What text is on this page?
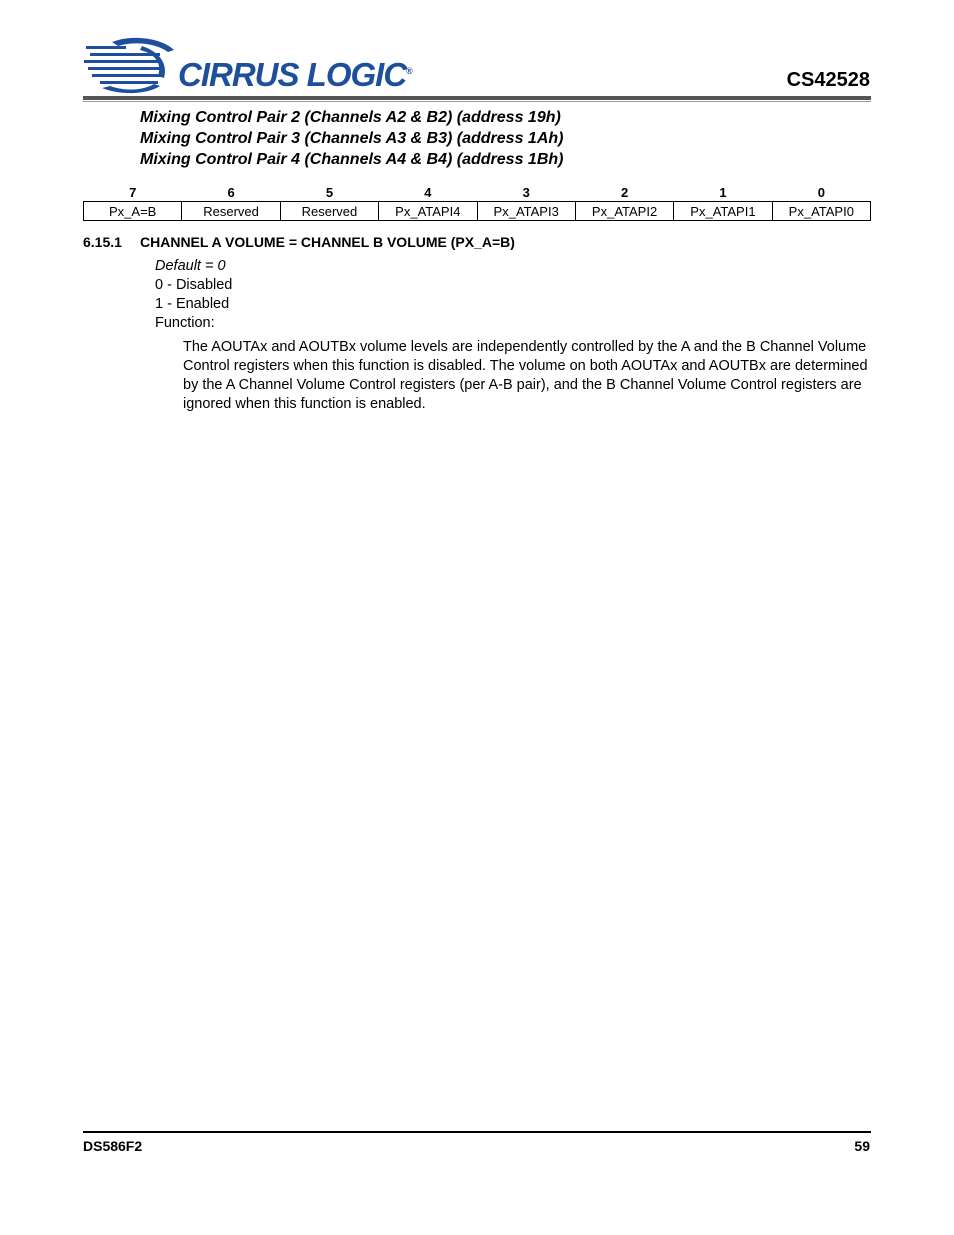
CIRRUS LOGIC®	CS42528
Mixing Control Pair 2 (Channels A2 & B2) (address 19h)
Mixing Control Pair 3 (Channels A3 & B3) (address 1Ah)
Mixing Control Pair 4 (Channels A4 & B4) (address 1Bh)
7	6	5	4	3	2	1	0
Px_A=B	Reserved	Reserved	Px_ATAPI4	Px_ATAPI3	Px_ATAPI2	Px_ATAPI1	Px_ATAPI0
6.15.1 CHANNEL A VOLUME = CHANNEL B VOLUME (PX_A=B)
Default = 0
0 - Disabled
1 - Enabled
Function:
The AOUTAx and AOUTBx volume levels are independently controlled by the A and the B Channel Volume Control registers when this function is disabled. The volume on both AOUTAx and AOUTBx are determined by the A Channel Volume Control registers (per A-B pair), and the B Channel Volume Control registers are ignored when this function is enabled.
DS586F2	59
